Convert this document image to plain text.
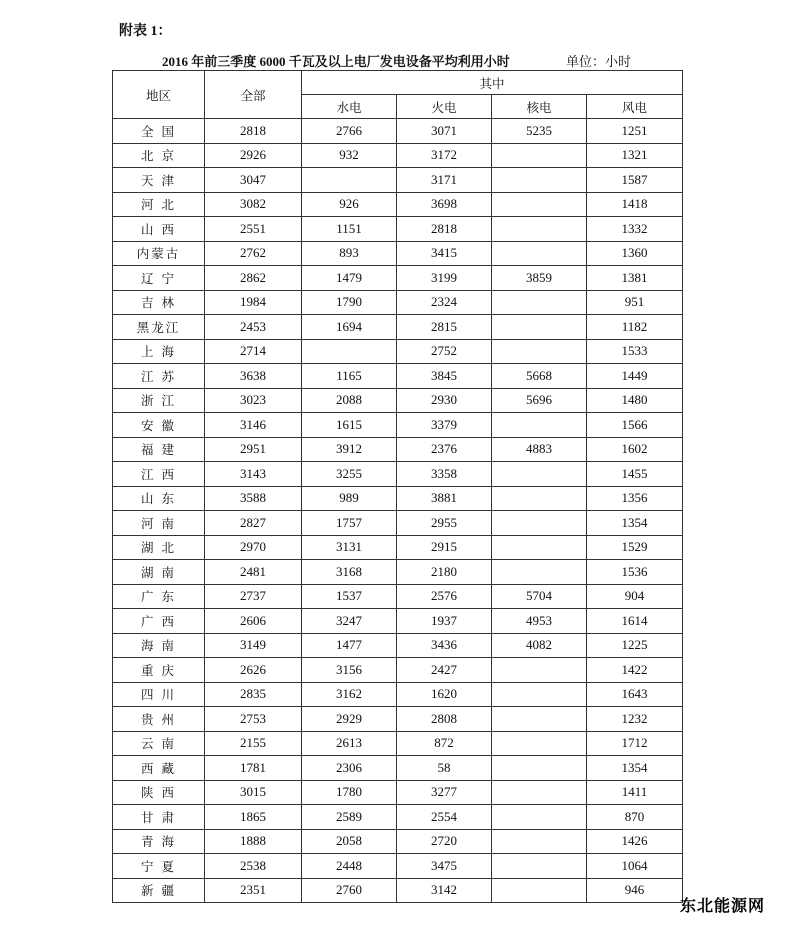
附表 1：
2016 年前三季度 6000 千瓦及以上电厂发电设备平均利用小时	单位：小时
地区	全部	其中			
		水电	火电	核电	风电
全 国	2818	2766	3071	5235	1251
北 京	2926	932	3172		1321
天 津	3047		3171		1587
河 北	3082	926	3698		1418
山 西	2551	1151	2818		1332
内蒙古	2762	893	3415		1360
辽 宁	2862	1479	3199	3859	1381
吉 林	1984	1790	2324		951
黑龙江	2453	1694	2815		1182
上 海	2714		2752		1533
江 苏	3638	1165	3845	5668	1449
浙 江	3023	2088	2930	5696	1480
安 徽	3146	1615	3379		1566
福 建	2951	3912	2376	4883	1602
江 西	3143	3255	3358		1455
山 东	3588	989	3881		1356
河 南	2827	1757	2955		1354
湖 北	2970	3131	2915		1529
湖 南	2481	3168	2180		1536
广 东	2737	1537	2576	5704	904
广 西	2606	3247	1937	4953	1614
海 南	3149	1477	3436	4082	1225
重 庆	2626	3156	2427		1422
四 川	2835	3162	1620		1643
贵 州	2753	2929	2808		1232
云 南	2155	2613	872		1712
西 藏	1781	2306	58		1354
陕 西	3015	1780	3277		1411
甘 肃	1865	2589	2554		870
青 海	1888	2058	2720		1426
宁 夏	2538	2448	3475		1064
新 疆	2351	2760	3142		946
东北能源网
